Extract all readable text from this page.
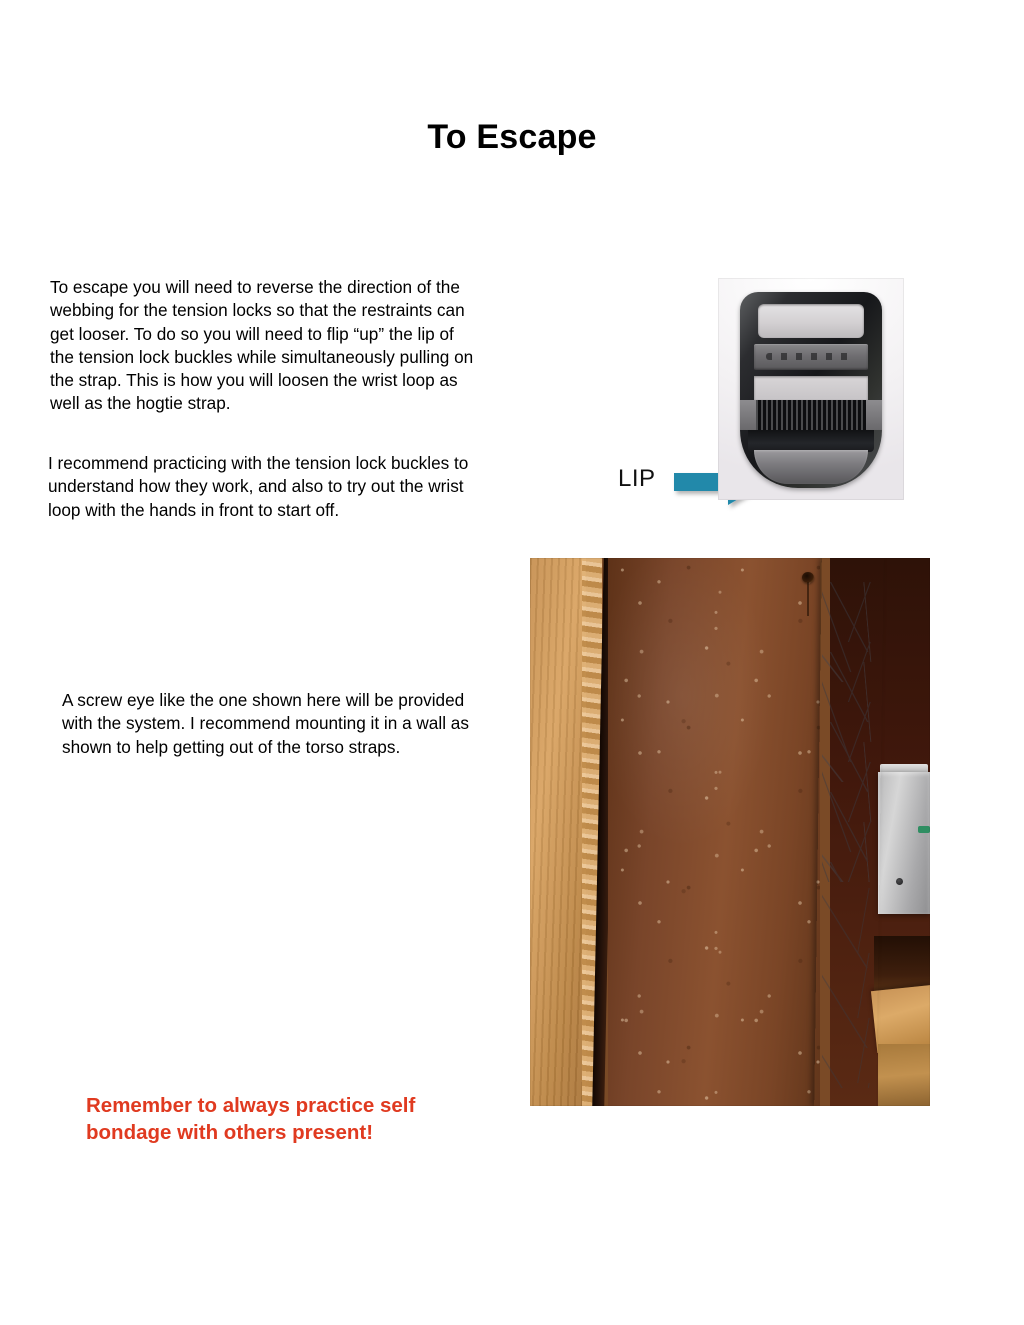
To Escape
To escape you will need to reverse the direction of the webbing for the tension locks so that the restraints can get looser. To do so you will need to flip “up” the lip of the tension lock buckles while simultaneously pulling on the strap. This is how you will loosen the wrist loop as well as the hogtie strap.
I recommend practicing with the tension lock buckles to understand how they work, and also to try out the wrist loop with the hands in front to start off.
A screw eye like the one shown here will be provided with the system. I recommend mounting it in a wall as shown to help getting out of the torso straps.
Remember to always practice self bondage with others present!
LIP
